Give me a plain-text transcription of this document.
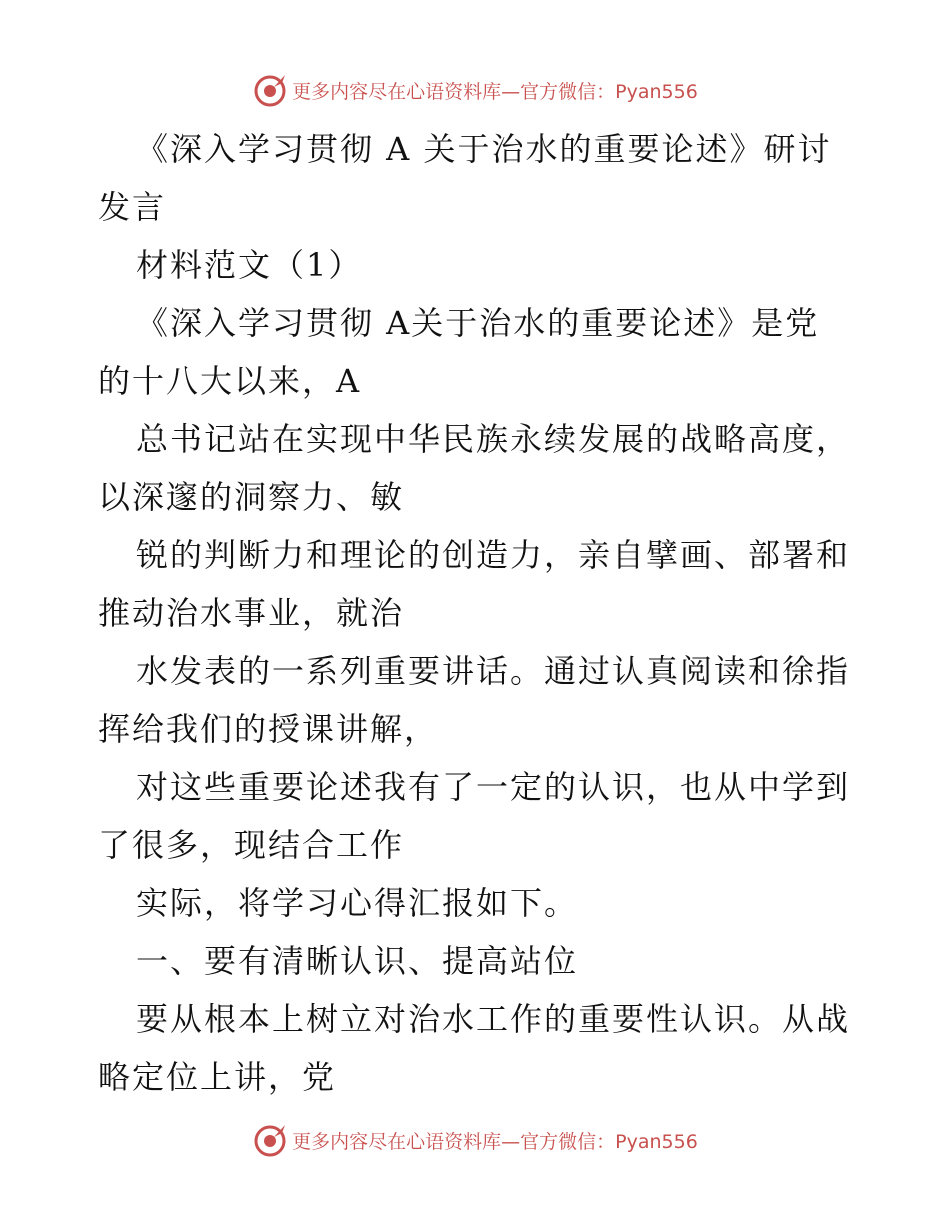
更多内容尽在心语资料库—官方微信：Pyan556

《深入学习贯彻 A 关于治水的重要论述》研讨

发言

材料范文（1）

《深入学习贯彻 A关于治水的重要论述》是党

的十八大以来，A

总书记站在实现中华民族永续发展的战略高度，

以深邃的洞察力、敏

锐的判断力和理论的创造力，亲自擘画、部署和

推动治水事业，就治

水发表的一系列重要讲话。通过认真阅读和徐指

挥给我们的授课讲解，

对这些重要论述我有了一定的认识，也从中学到

了很多，现结合工作

实际，将学习心得汇报如下。

一、要有清晰认识、提高站位

要从根本上树立对治水工作的重要性认识。从战

略定位上讲，党

更多内容尽在心语资料库—官方微信：Pyan556
